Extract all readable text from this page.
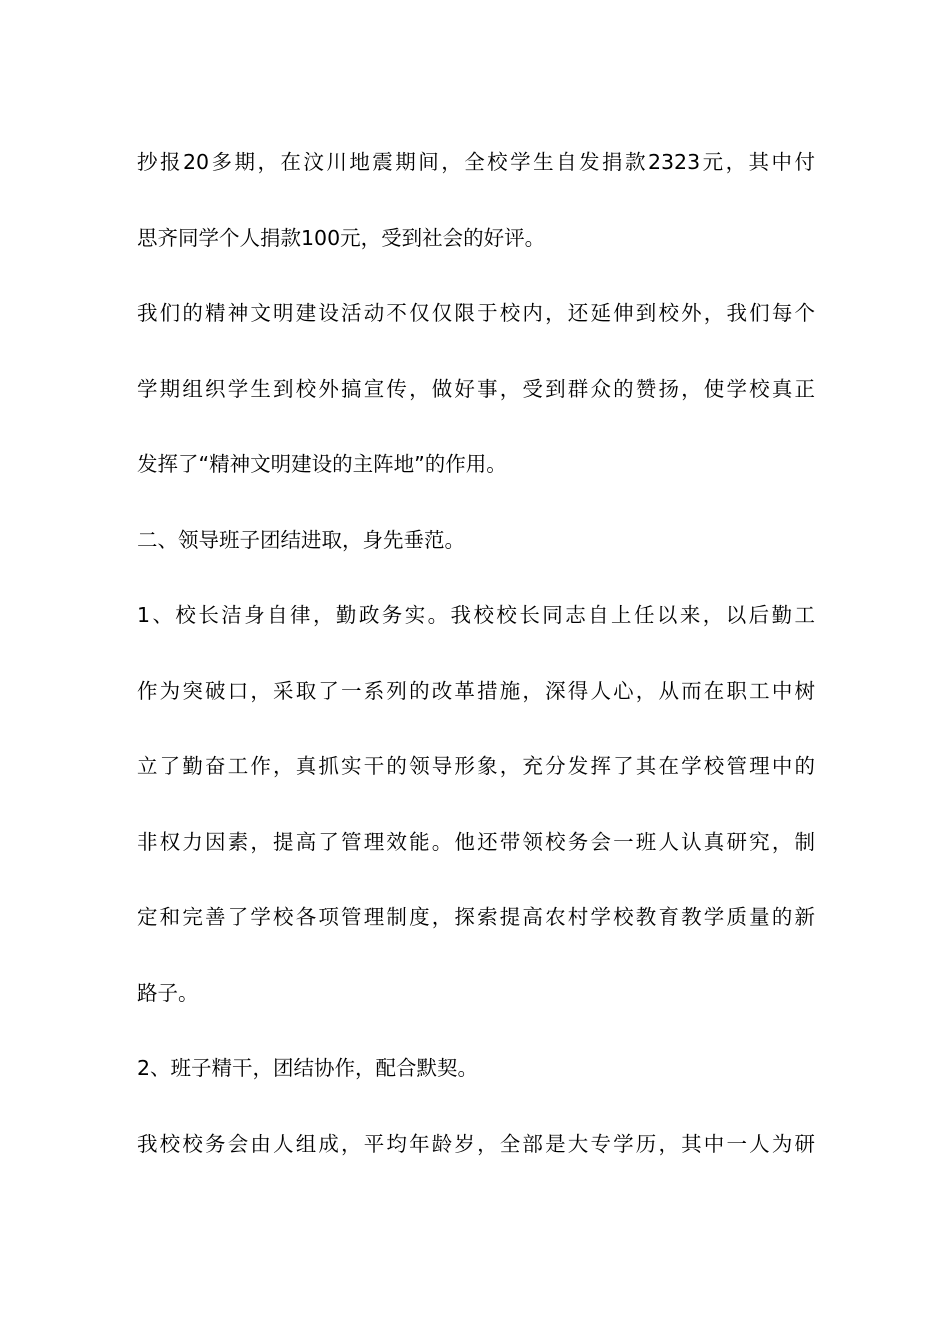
抄报20多期，在汶川地震期间，全校学生自发捐款2323元，其中付
思齐同学个人捐款100元，受到社会的好评。
我们的精神文明建设活动不仅仅限于校内，还延伸到校外，我们每个
学期组织学生到校外搞宣传，做好事，受到群众的赞扬，使学校真正
发挥了“精神文明建设的主阵地”的作用。
二、领导班子团结进取，身先垂范。
1、校长洁身自律，勤政务实。我校校长同志自上任以来，以后勤工
作为突破口，采取了一系列的改革措施，深得人心，从而在职工中树
立了勤奋工作，真抓实干的领导形象，充分发挥了其在学校管理中的
非权力因素，提高了管理效能。他还带领校务会一班人认真研究，制
定和完善了学校各项管理制度，探索提高农村学校教育教学质量的新
路子。
2、班子精干，团结协作，配合默契。
我校校务会由人组成，平均年龄岁，全部是大专学历，其中一人为研
